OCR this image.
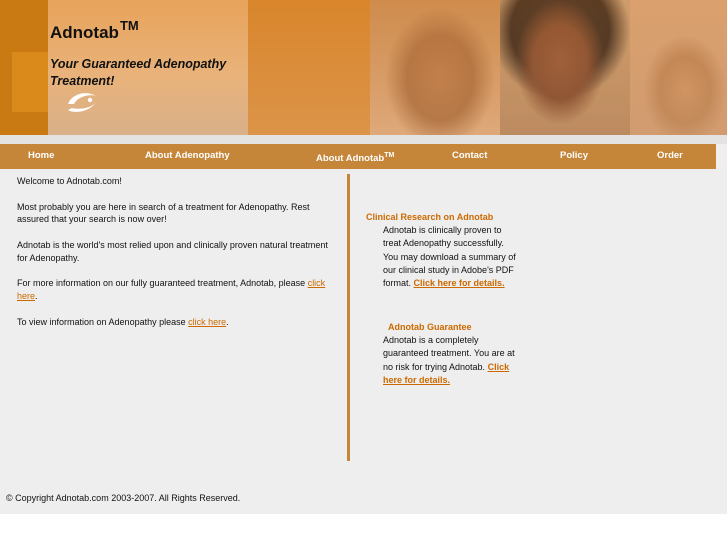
Adnotab™
Your Guaranteed Adenopathy Treatment!
Home	About Adenopathy	About Adnotab™	Contact	Policy	Order

Welcome to Adnotab.com!

Most probably you are here in search of a treatment for Adenopathy. Rest assured that your search is now over!

Adnotab is the world's most relied upon and clinically proven natural treatment for Adenopathy.

For more information on our fully guaranteed treatment, Adnotab, please click here.

To view information on Adenopathy please click here.

Clinical Research on Adnotab
Adnotab is clinically proven to treat Adenopathy successfully. You may download a summary of our clinical study in Adobe's PDF format. Click here for details.
Adnotab Guarantee
Adnotab is a completely guaranteed treatment. You are at no risk for trying Adnotab. Click here for details.
© Copyright Adnotab.com 2003-2007. All Rights Reserved.
